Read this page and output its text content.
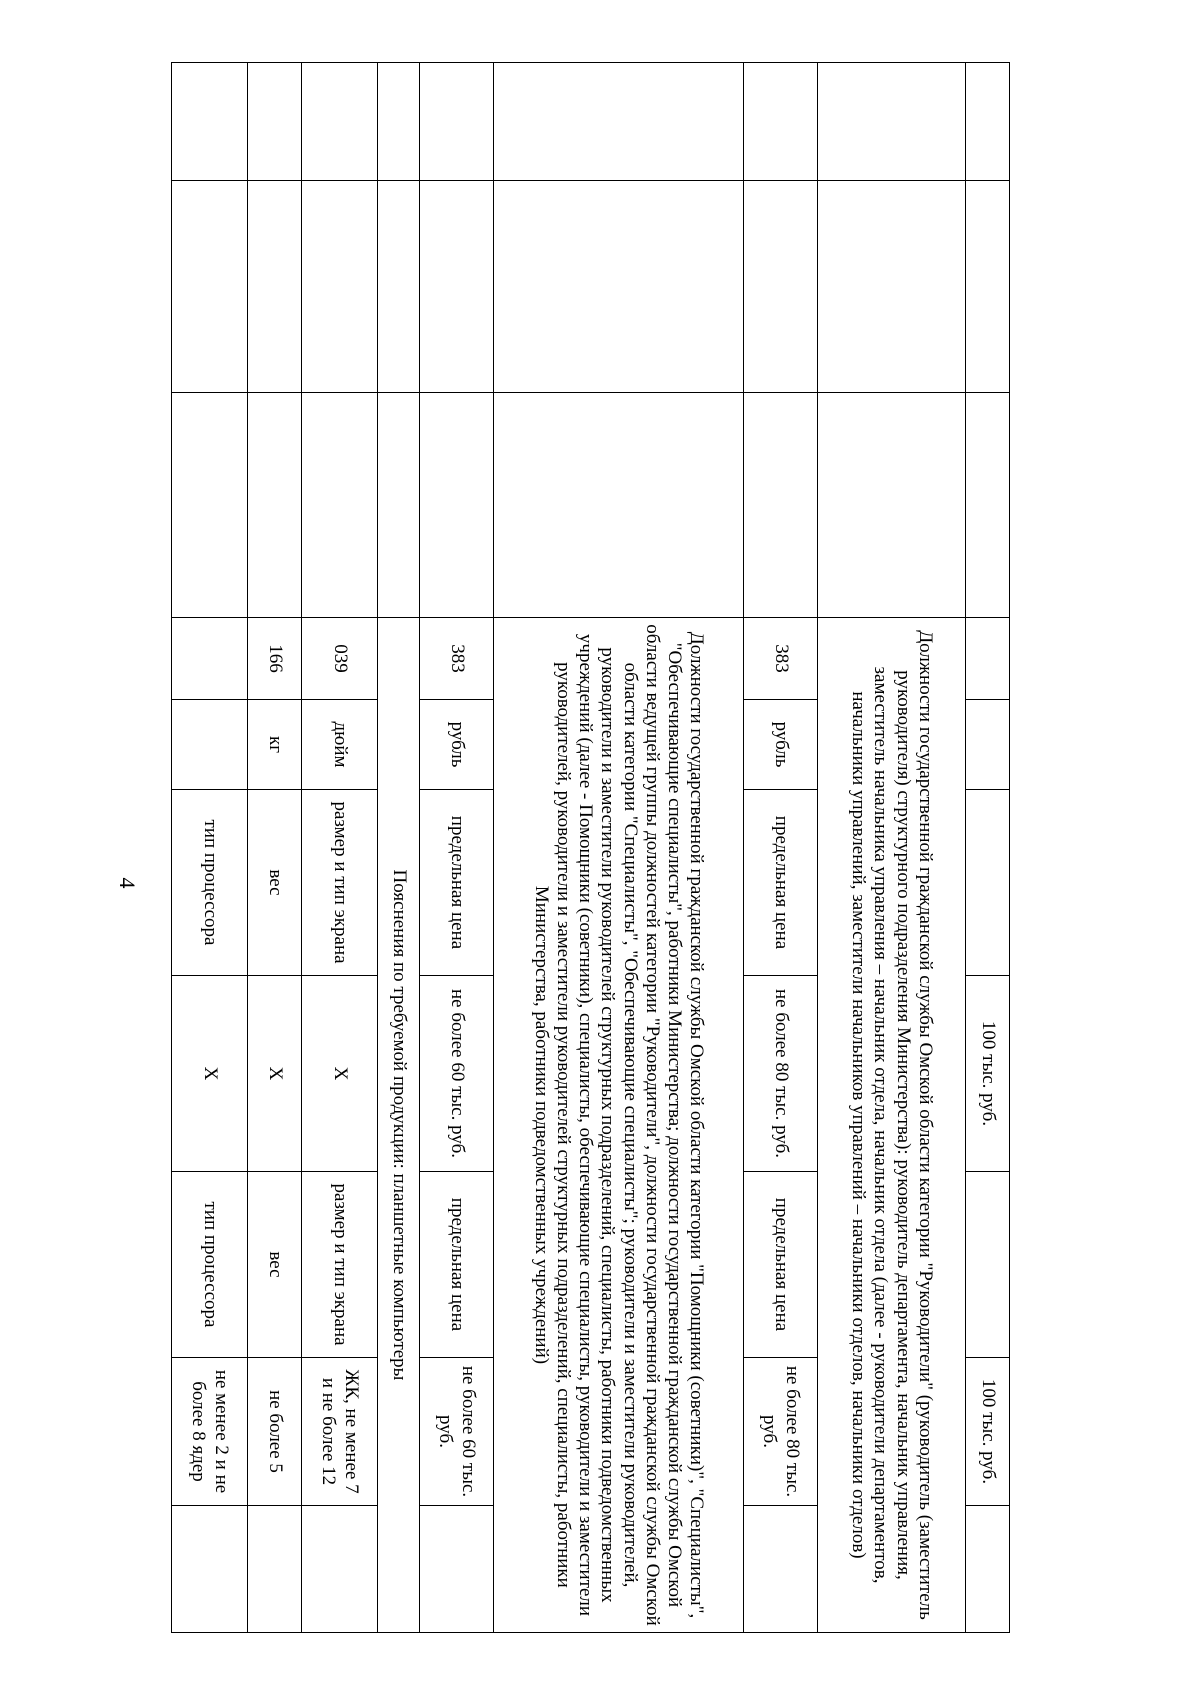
4
						100 тыс. руб.		100 тыс. руб.	
			Должности государственной гражданской службы Омской области категории "Руководители" (руководитель (заместитель руководителя) структурного подразделения Министерства): руководитель департамента, начальник управления, заместитель начальника управления – начальник отдела, начальник отдела (далее - руководители департаментов, начальники управлений, заместители начальников управлений – начальники отделов, начальники отделов)						
			383	рубль	предельная цена	не более 80 тыс. руб.	предельная цена	не более 80 тыс. руб.	
			Должности государственной гражданской службы Омской области категории "Помощники (советники)", "Специалисты", "Обеспечивающие специалисты", работники Министерства; должности государственной гражданской службы Омской области ведущей группы должностей категории "Руководители", должности государственной гражданской службы Омской области категории "Специалисты", "Обеспечивающие специалисты"; руководители и заместители руководителей, руководители и заместители руководителей структурных подразделений, специалисты, работники подведомственных учреждений (далее - Помощники (советники), специалисты, обеспечивающие специалисты, руководители и заместители руководителей, руководители и заместители руководителей структурных подразделений, специалисты, работники Министерства, работники подведомственных учреждений)						
			383	рубль	предельная цена	не более 60 тыс. руб.	предельная цена	не более 60 тыс. руб.	
			Пояснения по требуемой продукции: планшетные компьютеры						
			039	дюйм	размер и тип экрана	X	размер и тип экрана	ЖК, не менее 7 и не более 12	
			166	кг	вес	X	вес	не более 5	
					тип процессора	X	тип процессора	не менее 2 и не более 8 ядер	
